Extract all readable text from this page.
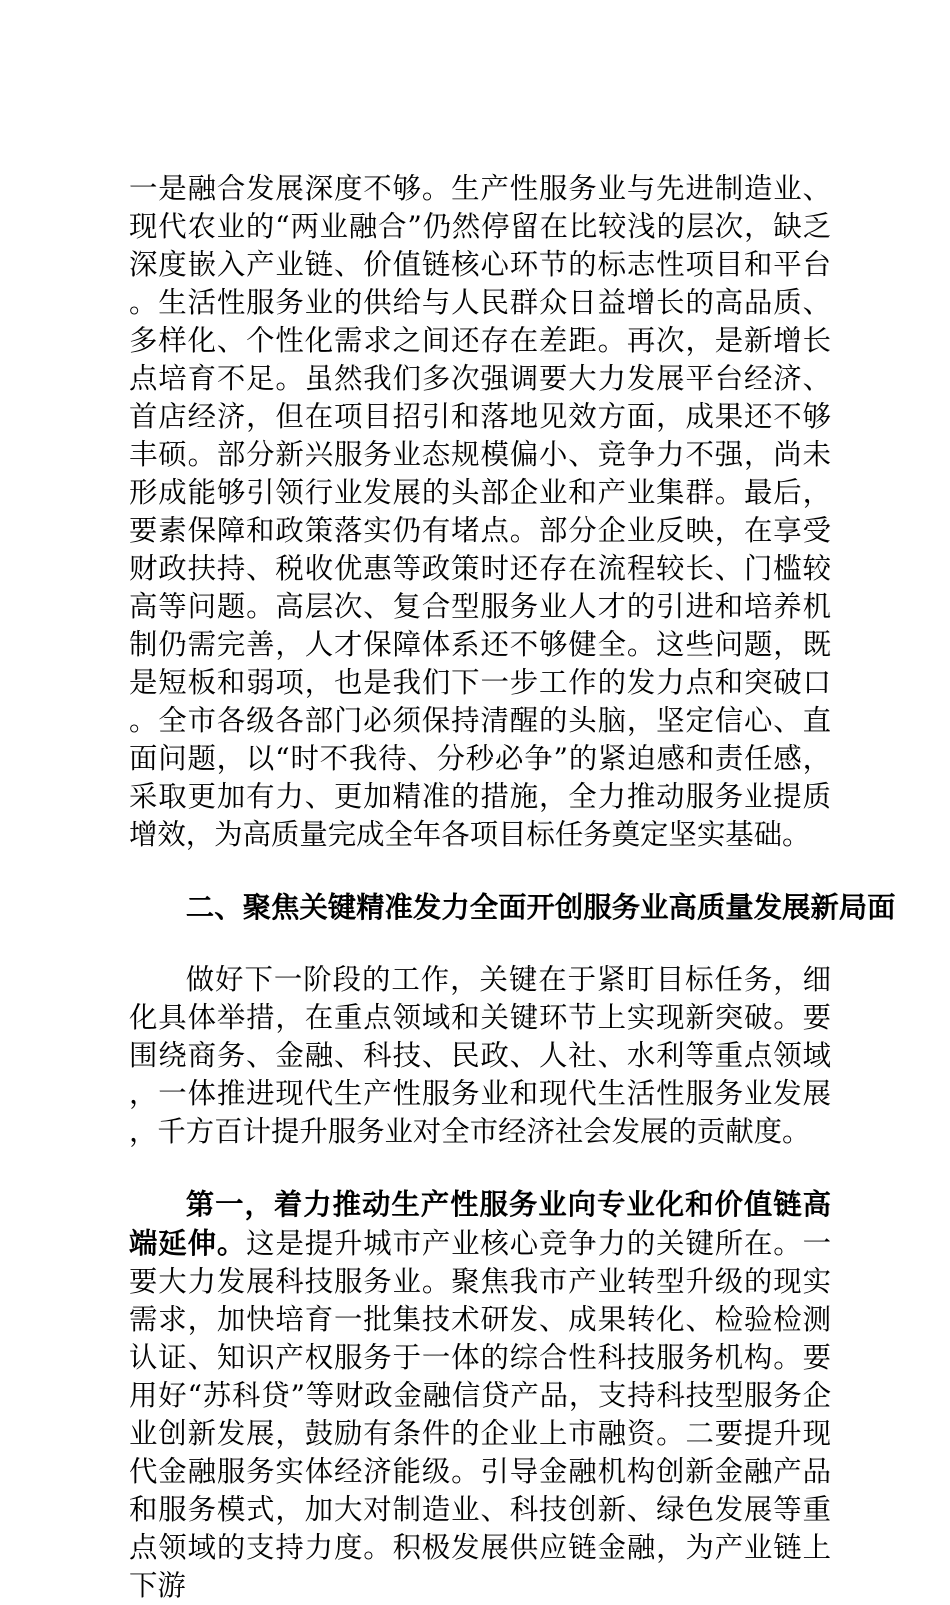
一是融合发展深度不够。生产性服务业与先进制造业、现代农业的“两业融合”仍然停留在比较浅的层次，缺乏深度嵌入产业链、价值链核心环节的标志性项目和平台。生活性服务业的供给与人民群众日益增长的高品质、多样化、个性化需求之间还存在差距。再次，是新增长点培育不足。虽然我们多次强调要大力发展平台经济、首店经济，但在项目招引和落地见效方面，成果还不够丰硕。部分新兴服务业态规模偏小、竞争力不强，尚未形成能够引领行业发展的头部企业和产业集群。最后，要素保障和政策落实仍有堵点。部分企业反映，在享受财政扶持、税收优惠等政策时还存在流程较长、门槛较高等问题。高层次、复合型服务业人才的引进和培养机制仍需完善，人才保障体系还不够健全。这些问题，既是短板和弱项，也是我们下一步工作的发力点和突破口。全市各级各部门必须保持清醒的头脑，坚定信心、直面问题，以“时不我待、分秒必争”的紧迫感和责任感，采取更加有力、更加精准的措施，全力推动服务业提质增效，为高质量完成全年各项目标任务奠定坚实基础。

二、聚焦关键精准发力全面开创服务业高质量发展新局面

做好下一阶段的工作，关键在于紧盯目标任务，细化具体举措，在重点领域和关键环节上实现新突破。要围绕商务、金融、科技、民政、人社、水利等重点领域，一体推进现代生产性服务业和现代生活性服务业发展，千方百计提升服务业对全市经济社会发展的贡献度。

第一，着力推动生产性服务业向专业化和价值链高端延伸。这是提升城市产业核心竞争力的关键所在。一要大力发展科技服务业。聚焦我市产业转型升级的现实需求，加快培育一批集技术研发、成果转化、检验检测认证、知识产权服务于一体的综合性科技服务机构。要用好“苏科贷”等财政金融信贷产品，支持科技型服务企业创新发展，鼓励有条件的企业上市融资。二要提升现代金融服务实体经济能级。引导金融机构创新金融产品和服务模式，加大对制造业、科技创新、绿色发展等重点领域的支持力度。积极发展供应链金融，为产业链上下游
